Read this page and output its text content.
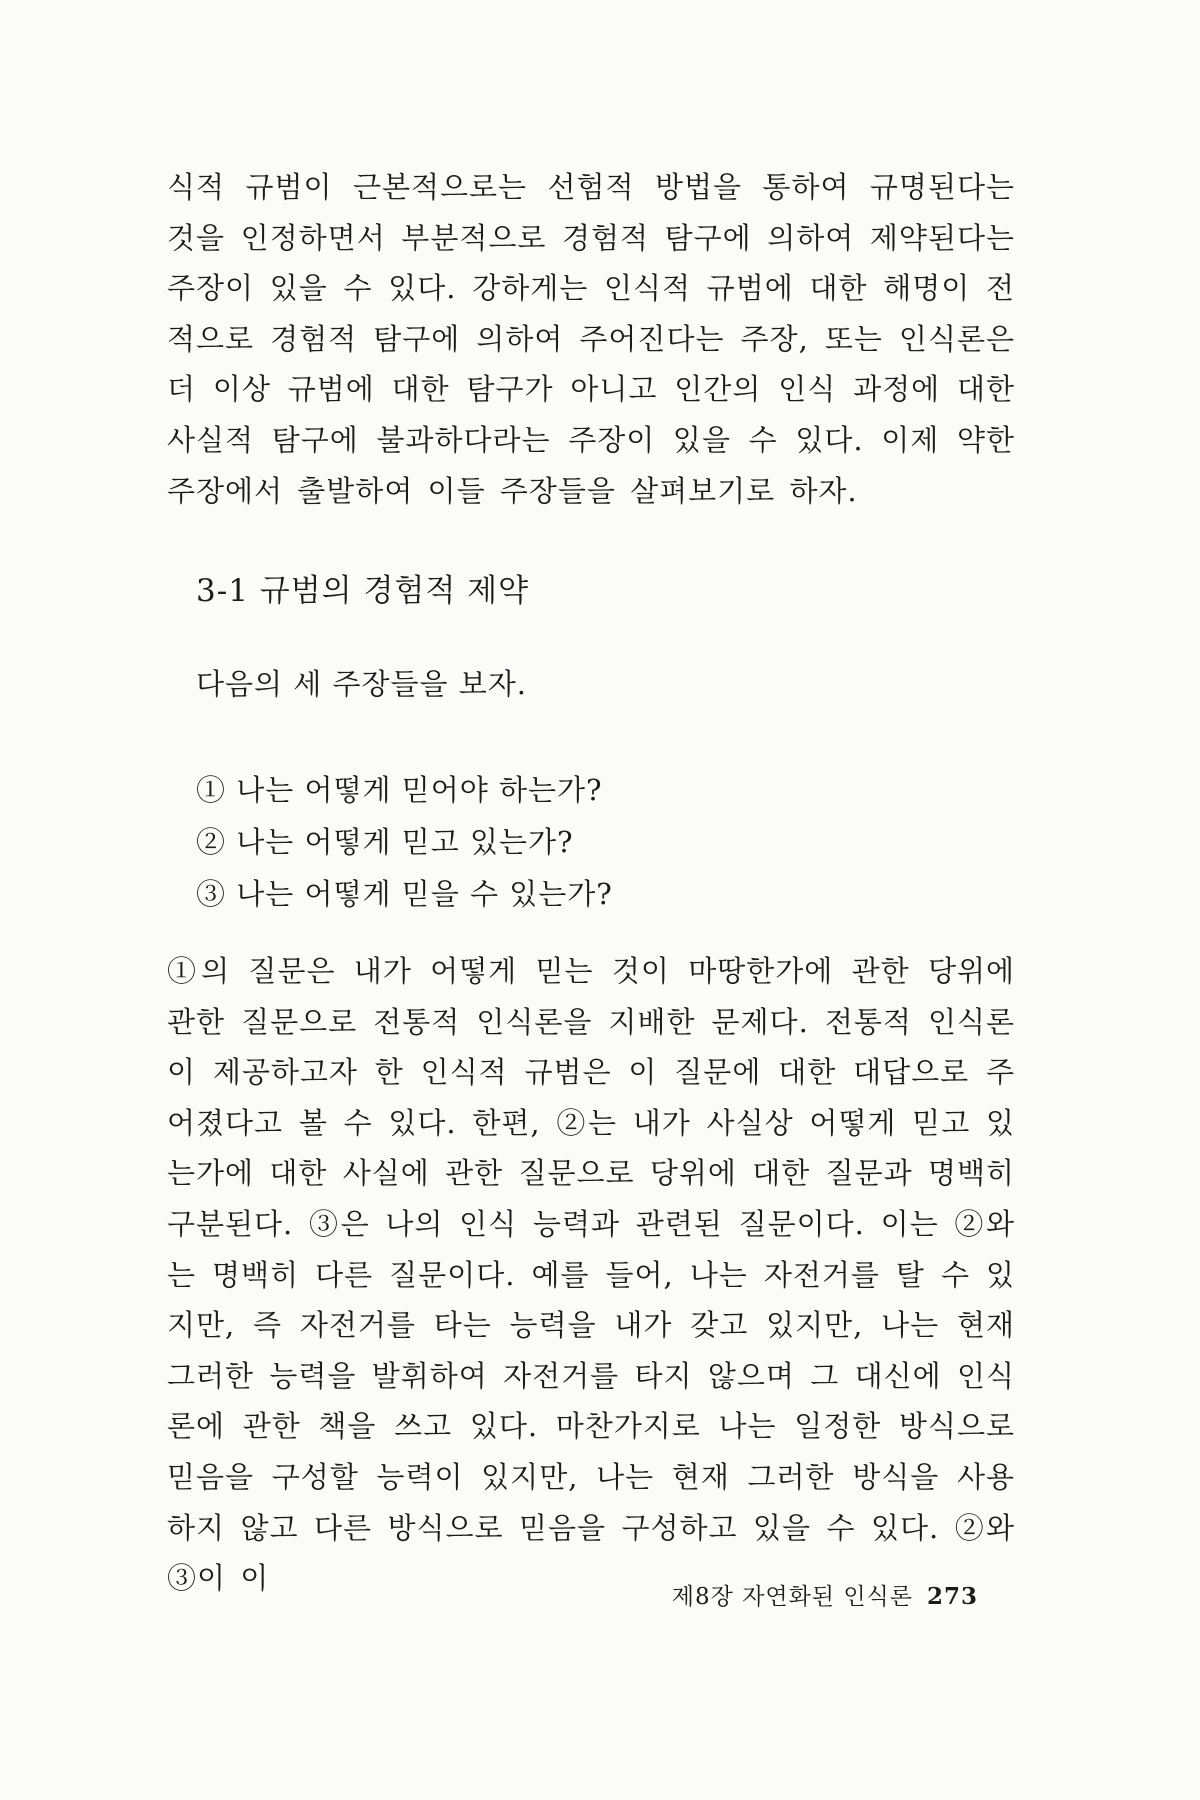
식적 규범이 근본적으로는 선험적 방법을 통하여 규명된다는 것을 인정하면서 부분적으로 경험적 탐구에 의하여 제약된다는 주장이 있을 수 있다. 강하게는 인식적 규범에 대한 해명이 전적으로 경험적 탐구에 의하여 주어진다는 주장, 또는 인식론은 더 이상 규범에 대한 탐구가 아니고 인간의 인식 과정에 대한 사실적 탐구에 불과하다라는 주장이 있을 수 있다. 이제 약한 주장에서 출발하여 이들 주장들을 살펴보기로 하자.

3-1 규범의 경험적 제약

다음의 세 주장들을 보자.

① 나는 어떻게 믿어야 하는가?
② 나는 어떻게 믿고 있는가?
③ 나는 어떻게 믿을 수 있는가?

①의 질문은 내가 어떻게 믿는 것이 마땅한가에 관한 당위에 관한 질문으로 전통적 인식론을 지배한 문제다. 전통적 인식론이 제공하고자 한 인식적 규범은 이 질문에 대한 대답으로 주어졌다고 볼 수 있다. 한편, ②는 내가 사실상 어떻게 믿고 있는가에 대한 사실에 관한 질문으로 당위에 대한 질문과 명백히 구분된다. ③은 나의 인식 능력과 관련된 질문이다. 이는 ②와는 명백히 다른 질문이다. 예를 들어, 나는 자전거를 탈 수 있지만, 즉 자전거를 타는 능력을 내가 갖고 있지만, 나는 현재 그러한 능력을 발휘하여 자전거를 타지 않으며 그 대신에 인식론에 관한 책을 쓰고 있다. 마찬가지로 나는 일정한 방식으로 믿음을 구성할 능력이 있지만, 나는 현재 그러한 방식을 사용하지 않고 다른 방식으로 믿음을 구성하고 있을 수 있다. ②와 ③이 이

제8장 자연화된 인식론 273
